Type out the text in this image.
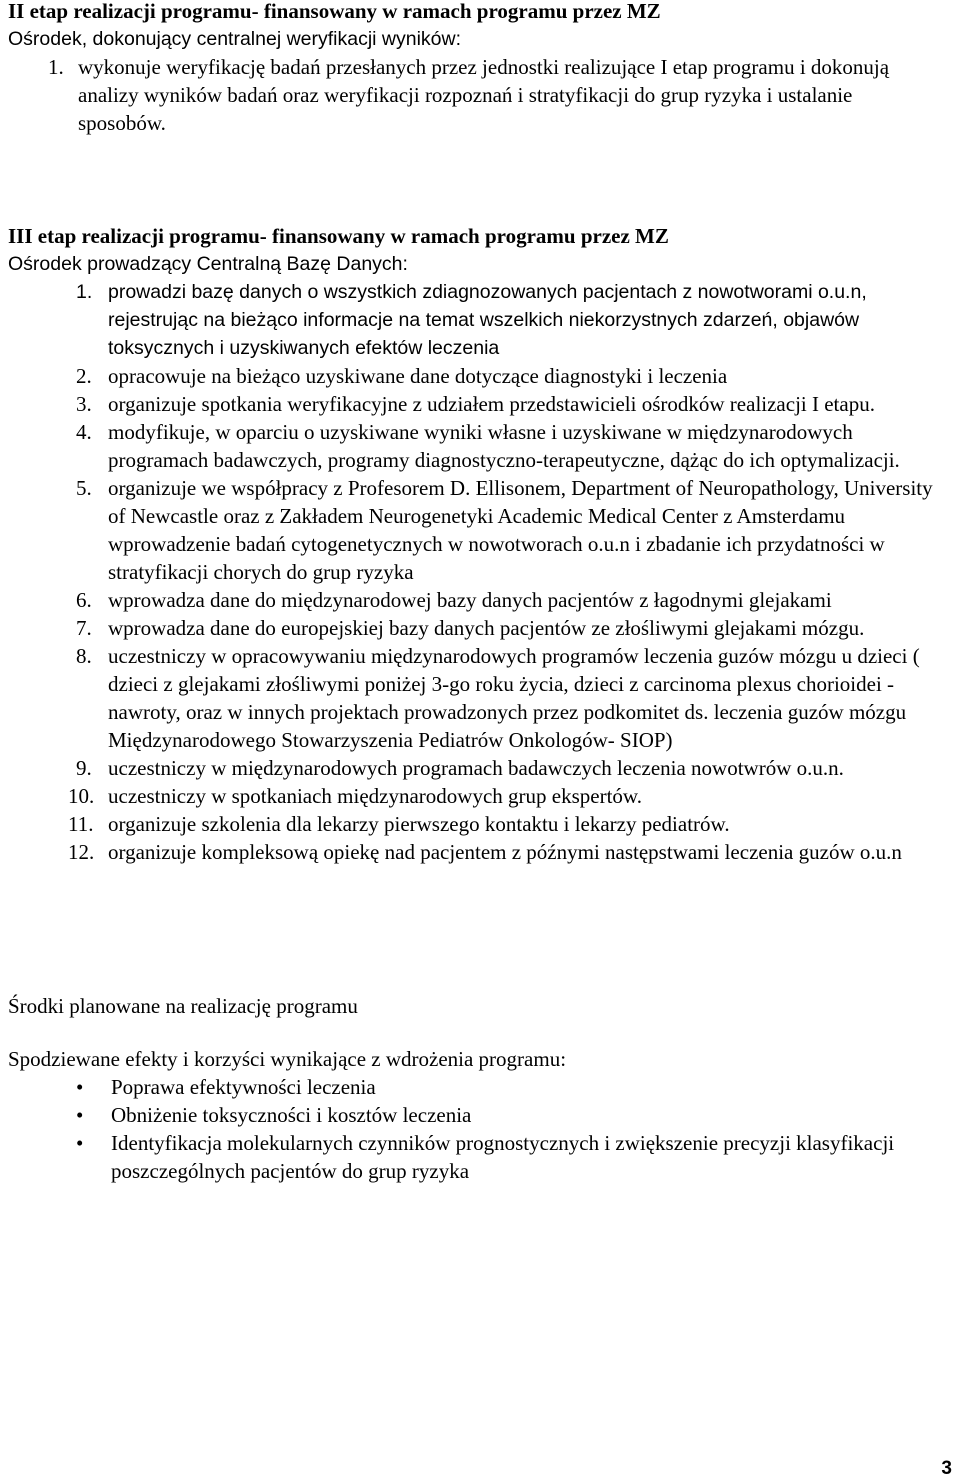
II etap realizacji programu- finansowany w ramach programu przez MZ

Ośrodek, dokonujący centralnej weryfikacji wyników:

1. wykonuje weryfikację badań przesłanych przez jednostki realizujące I etap programu i dokonują analizy wyników badań oraz weryfikacji rozpoznań i stratyfikacji do grup ryzyka i ustalanie sposobów.

III etap realizacji programu- finansowany w ramach programu przez MZ

Ośrodek prowadzący Centralną Bazę Danych:

1. prowadzi bazę danych o wszystkich zdiagnozowanych pacjentach z nowotworami o.u.n, rejestrując na bieżąco informacje na temat wszelkich niekorzystnych zdarzeń, objawów toksycznych i uzyskiwanych efektów leczenia
2. opracowuje na bieżąco uzyskiwane dane dotyczące diagnostyki i leczenia
3. organizuje spotkania weryfikacyjne z udziałem przedstawicieli ośrodków realizacji I etapu.
4. modyfikuje, w oparciu o uzyskiwane wyniki własne i uzyskiwane w międzynarodowych programach badawczych, programy diagnostyczno-terapeutyczne, dążąc do ich optymalizacji.
5. organizuje we współpracy z Profesorem D. Ellisonem, Department of Neuropathology, University of Newcastle oraz z Zakładem Neurogenetyki Academic Medical Center z Amsterdamu wprowadzenie badań cytogenetycznych w nowotworach o.u.n i zbadanie ich przydatności w stratyfikacji chorych do grup ryzyka
6. wprowadza dane do międzynarodowej bazy danych pacjentów z łagodnymi glejakami
7. wprowadza dane do europejskiej bazy danych pacjentów ze złośliwymi glejakami mózgu.
8. uczestniczy w opracowywaniu międzynarodowych programów leczenia guzów mózgu u dzieci ( dzieci z glejakami złośliwymi poniżej 3-go roku życia, dzieci z carcinoma plexus chorioidei - nawroty, oraz w innych projektach prowadzonych przez podkomitet ds. leczenia guzów mózgu Międzynarodowego Stowarzyszenia Pediatrów Onkologów- SIOP)
9. uczestniczy w międzynarodowych programach badawczych leczenia nowotwrów o.u.n.
10. uczestniczy w spotkaniach międzynarodowych grup ekspertów.
11. organizuje szkolenia dla lekarzy pierwszego kontaktu i lekarzy pediatrów.
12. organizuje kompleksową opiekę nad pacjentem z późnymi następstwami leczenia guzów o.u.n

Środki planowane na realizację programu

Spodziewane efekty i korzyści wynikające z wdrożenia programu:

• Poprawa efektywności leczenia
• Obniżenie toksyczności i kosztów leczenia
• Identyfikacja molekularnych czynników prognostycznych i zwiększenie precyzji klasyfikacji poszczególnych pacjentów do grup ryzyka
3
